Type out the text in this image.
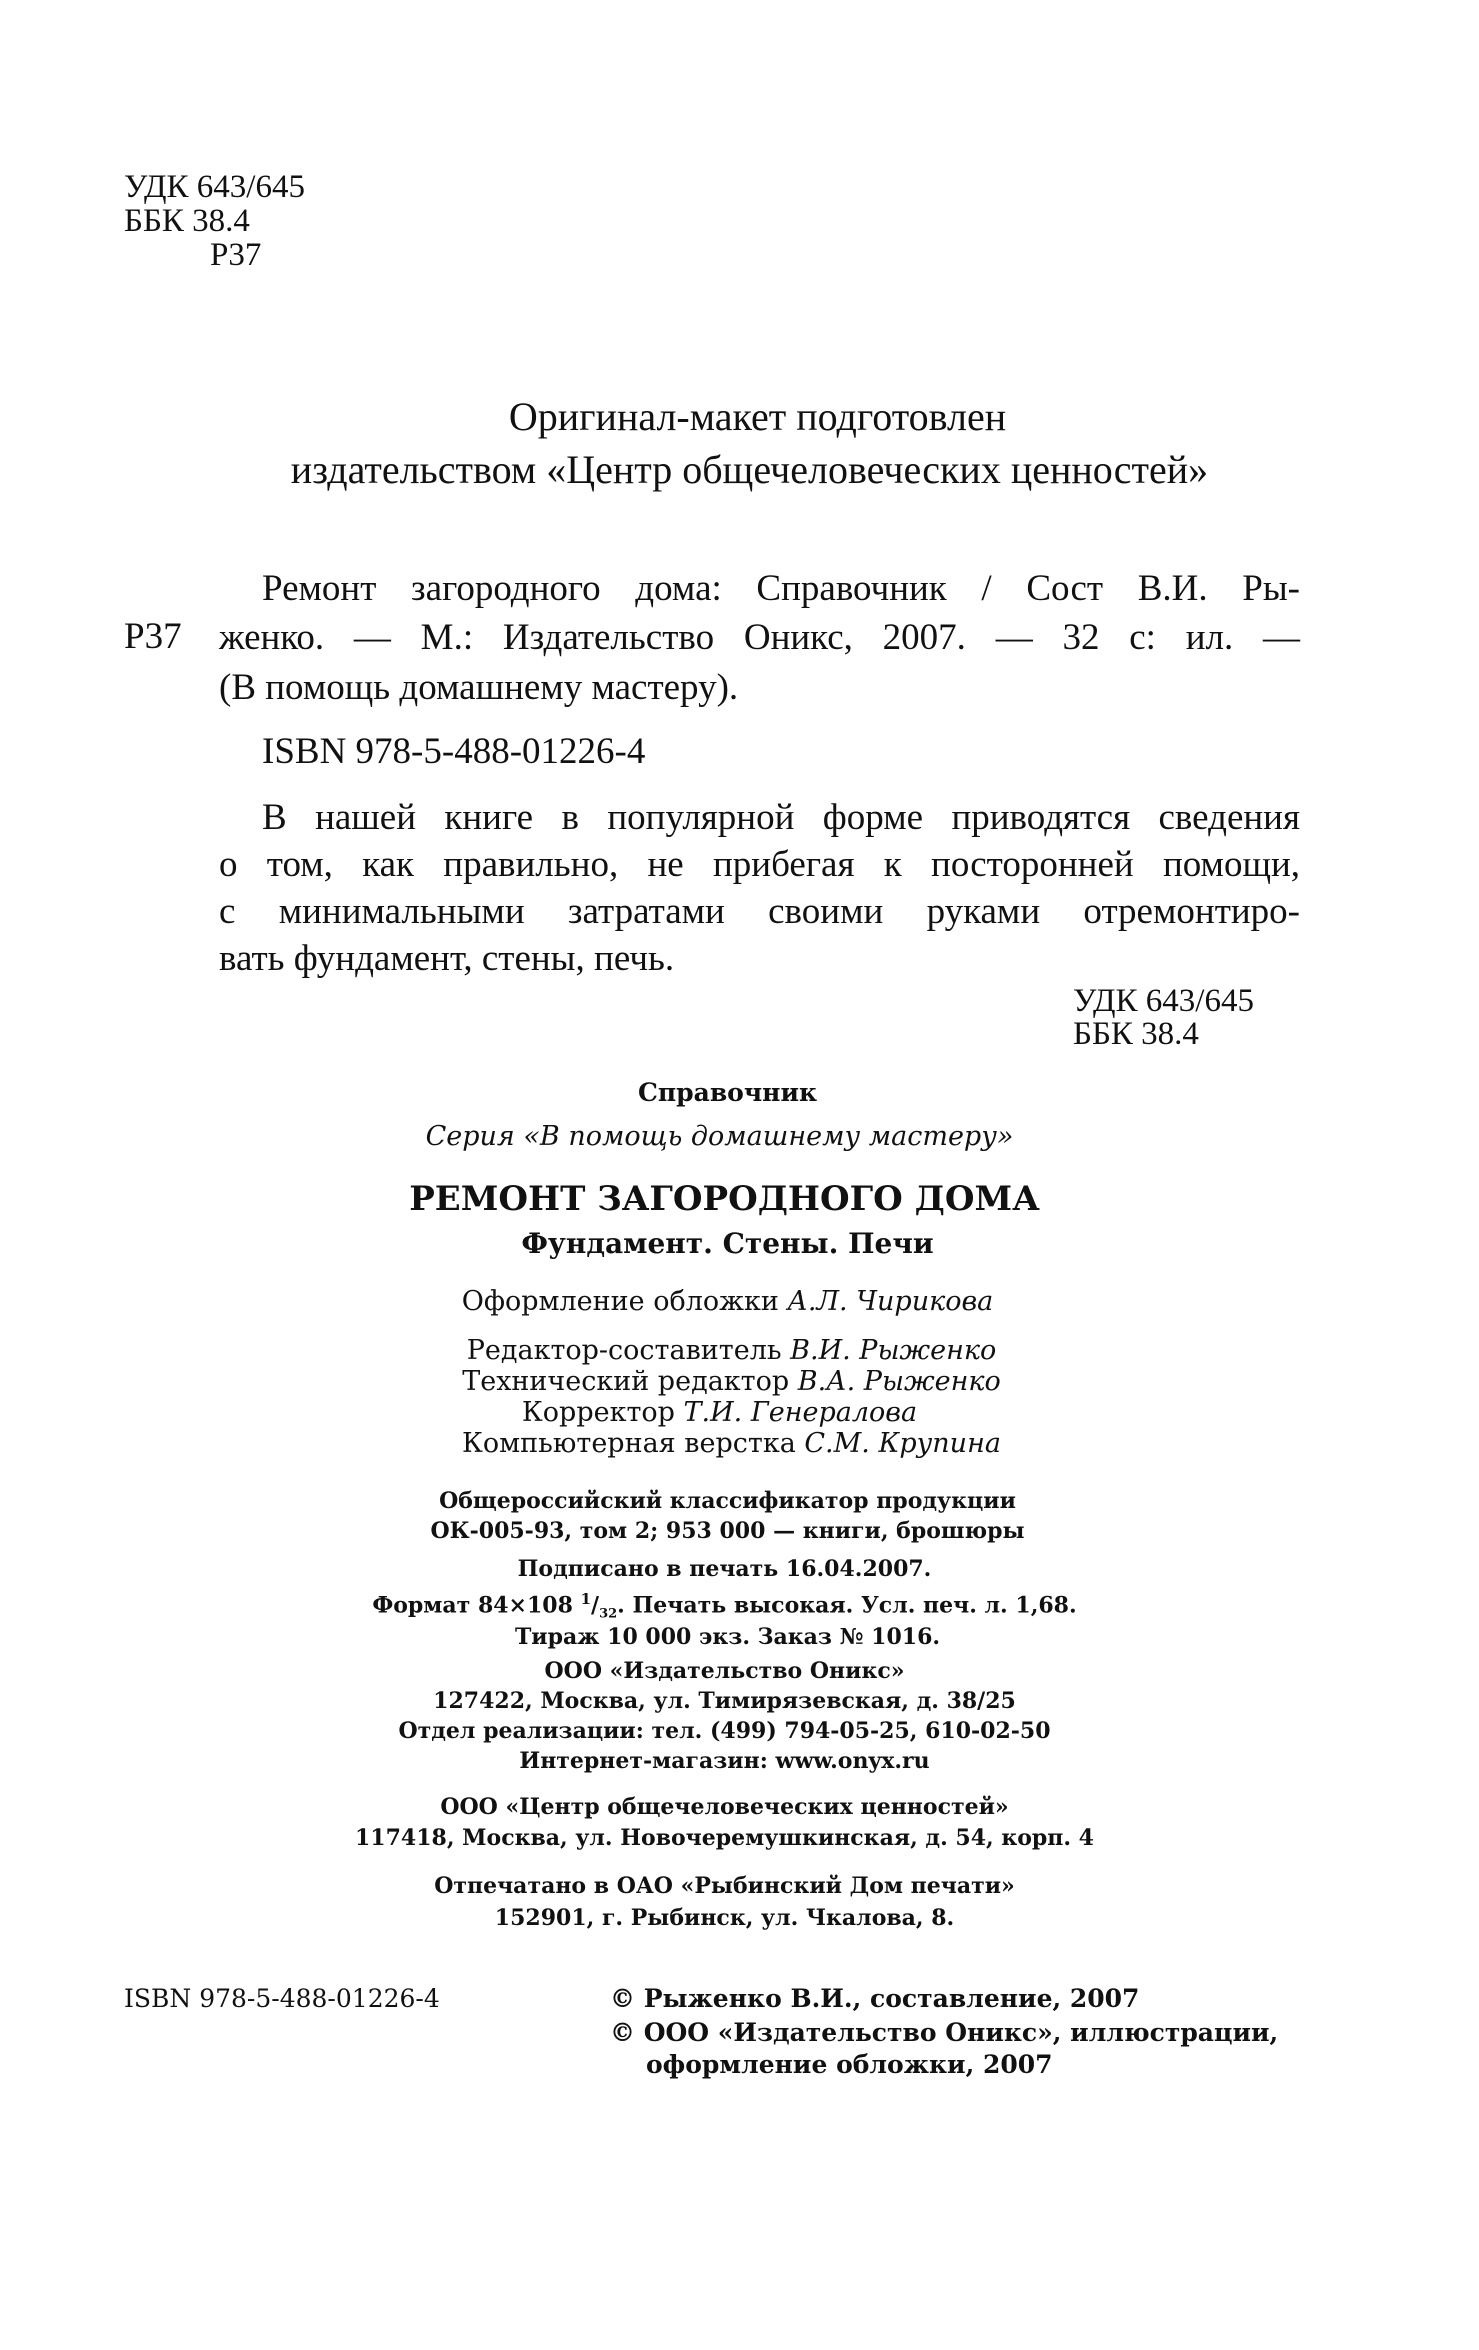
УДК 643/645
ББК 38.4
Р37
Оригинал-макет подготовлен
издательством «Центр общечеловеческих ценностей»
Р37
Ремонт загородного дома: Справочник / Сост В.И. Ры-
женко. — М.: Издательство Оникс, 2007. — 32 с: ил. —
(В помощь домашнему мастеру).
ISBN 978-5-488-01226-4
В нашей книге в популярной форме приводятся сведения
о том, как правильно, не прибегая к посторонней помощи,
с минимальными затратами своими руками отремонтиро-
вать фундамент, стены, печь.
УДК 643/645
ББК 38.4
Справочник
Серия «В помощь домашнему мастеру»
РЕМОНТ ЗАГОРОДНОГО ДОМА
Фундамент. Стены. Печи
Оформление обложки А.Л. Чирикова
Редактор-составитель В.И. Рыженко
Технический редактор В.А. Рыженко
Корректор Т.И. Генералова
Компьютерная верстка С.М. Крупина
Общероссийский классификатор продукции
ОК-005-93, том 2; 953 000 — книги, брошюры
Подписано в печать 16.04.2007.
Формат 84×108 $^1/_{32}$. Печать высокая. Усл. печ. л. 1,68.
Тираж 10 000 экз. Заказ № 1016.
ООО «Издательство Оникс»
127422, Москва, ул. Тимирязевская, д. 38/25
Отдел реализации: тел. (499) 794-05-25, 610-02-50
Интернет-магазин: www.onyx.ru
ООО «Центр общечеловеческих ценностей»
117418, Москва, ул. Новочеремушкинская, д. 54, корп. 4
Отпечатано в ОАО «Рыбинский Дом печати»
152901, г. Рыбинск, ул. Чкалова, 8.
ISBN 978-5-488-01226-4	© Рыженко В.И., составление, 2007
© ООО «Издательство Оникс», иллюстрации,
оформление обложки, 2007
